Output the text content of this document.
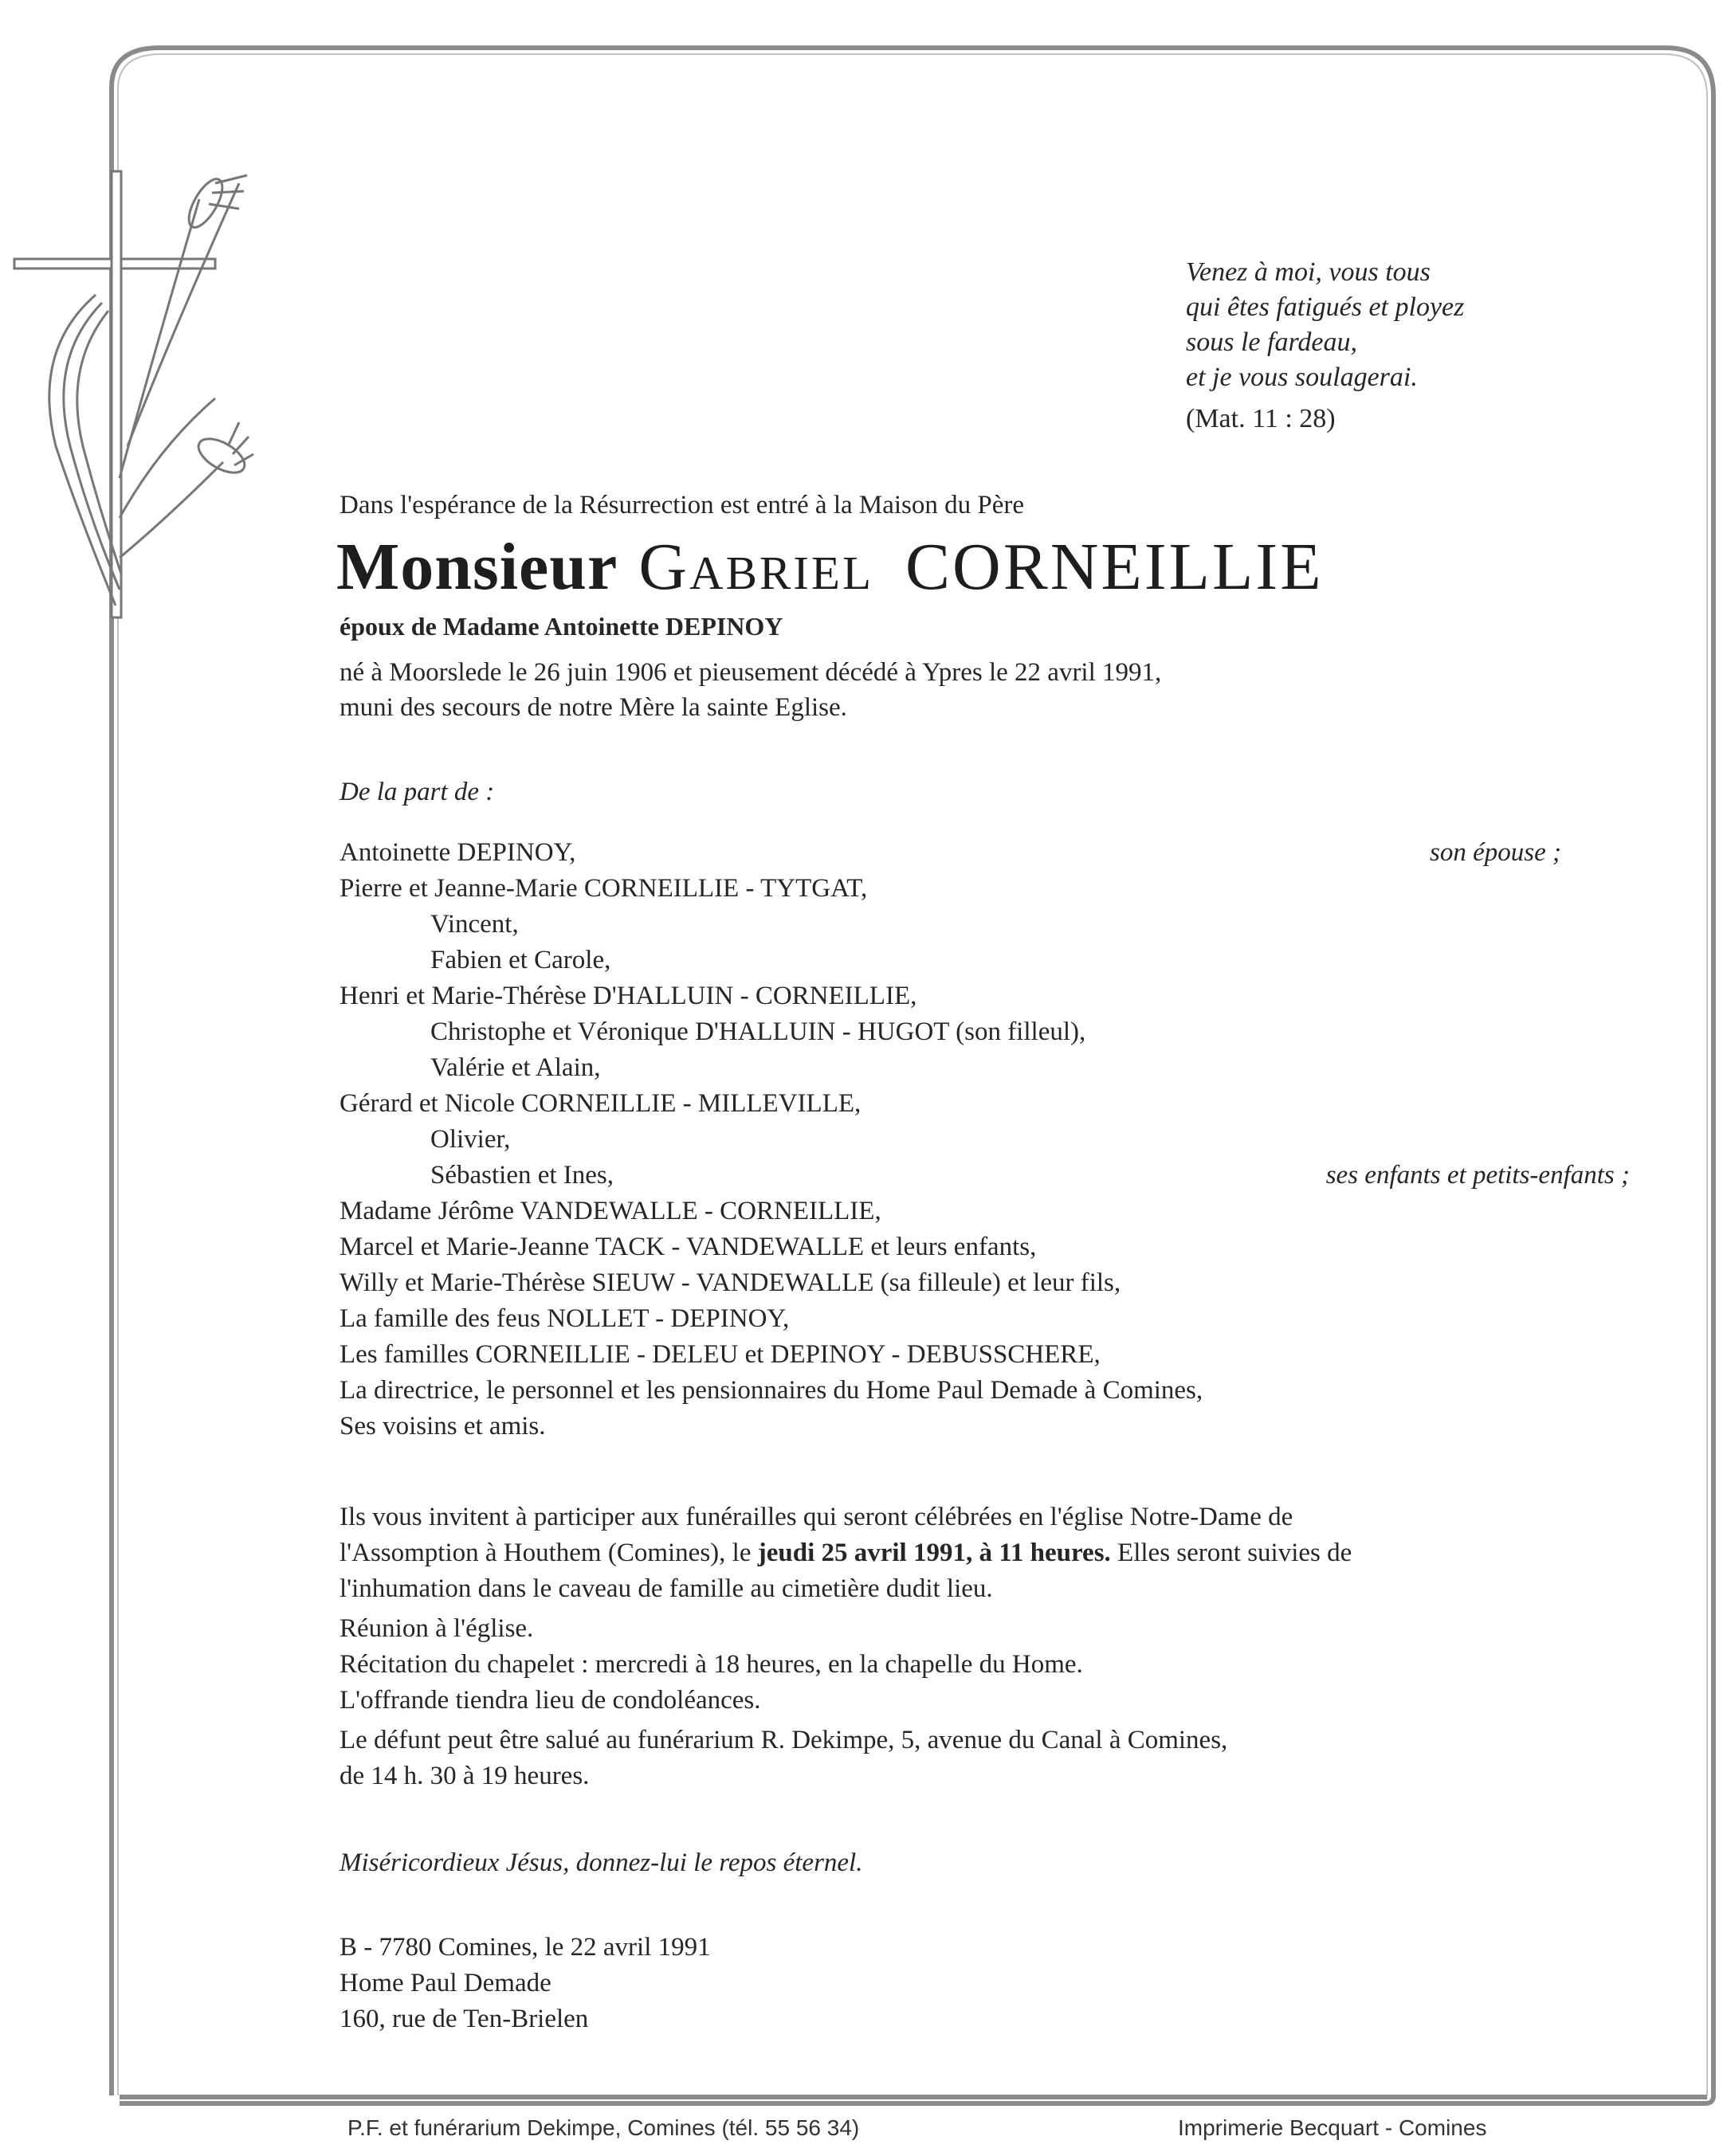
Venez à moi, vous tous
qui êtes fatigués et ployez
sous le fardeau,
et je vous soulagerai.
(Mat. 11 : 28)
Dans l'espérance de la Résurrection est entré à la Maison du Père
Monsieur Gabriel CORNEILLIE
époux de Madame Antoinette DEPINOY
né à Moorslede le 26 juin 1906 et pieusement décédé à Ypres le 22 avril 1991,
muni des secours de notre Mère la sainte Eglise.
De la part de :
Antoinette DEPINOY,	son épouse ;
Pierre et Jeanne-Marie CORNEILLIE - TYTGAT,
Vincent,
Fabien et Carole,
Henri et Marie-Thérèse D'HALLUIN - CORNEILLIE,
Christophe et Véronique D'HALLUIN - HUGOT (son filleul),
Valérie et Alain,
Gérard et Nicole CORNEILLIE - MILLEVILLE,
Olivier,
Sébastien et Ines,	ses enfants et petits-enfants ;
Madame Jérôme VANDEWALLE - CORNEILLIE,
Marcel et Marie-Jeanne TACK - VANDEWALLE et leurs enfants,
Willy et Marie-Thérèse SIEUW - VANDEWALLE (sa filleule) et leur fils,
La famille des feus NOLLET - DEPINOY,
Les familles CORNEILLIE - DELEU et DEPINOY - DEBUSSCHERE,
La directrice, le personnel et les pensionnaires du Home Paul Demade à Comines,
Ses voisins et amis.
Ils vous invitent à participer aux funérailles qui seront célébrées en l'église Notre-Dame de
l'Assomption à Houthem (Comines), le jeudi 25 avril 1991, à 11 heures. Elles seront suivies de
l'inhumation dans le caveau de famille au cimetière dudit lieu.
Réunion à l'église.
Récitation du chapelet : mercredi à 18 heures, en la chapelle du Home.
L'offrande tiendra lieu de condoléances.
Le défunt peut être salué au funérarium R. Dekimpe, 5, avenue du Canal à Comines,
de 14 h. 30 à 19 heures.
Miséricordieux Jésus, donnez-lui le repos éternel.
B - 7780 Comines, le 22 avril 1991
Home Paul Demade
160, rue de Ten-Brielen
P.F. et funérarium Dekimpe, Comines (tél. 55 56 34)	Imprimerie Becquart - Comines
